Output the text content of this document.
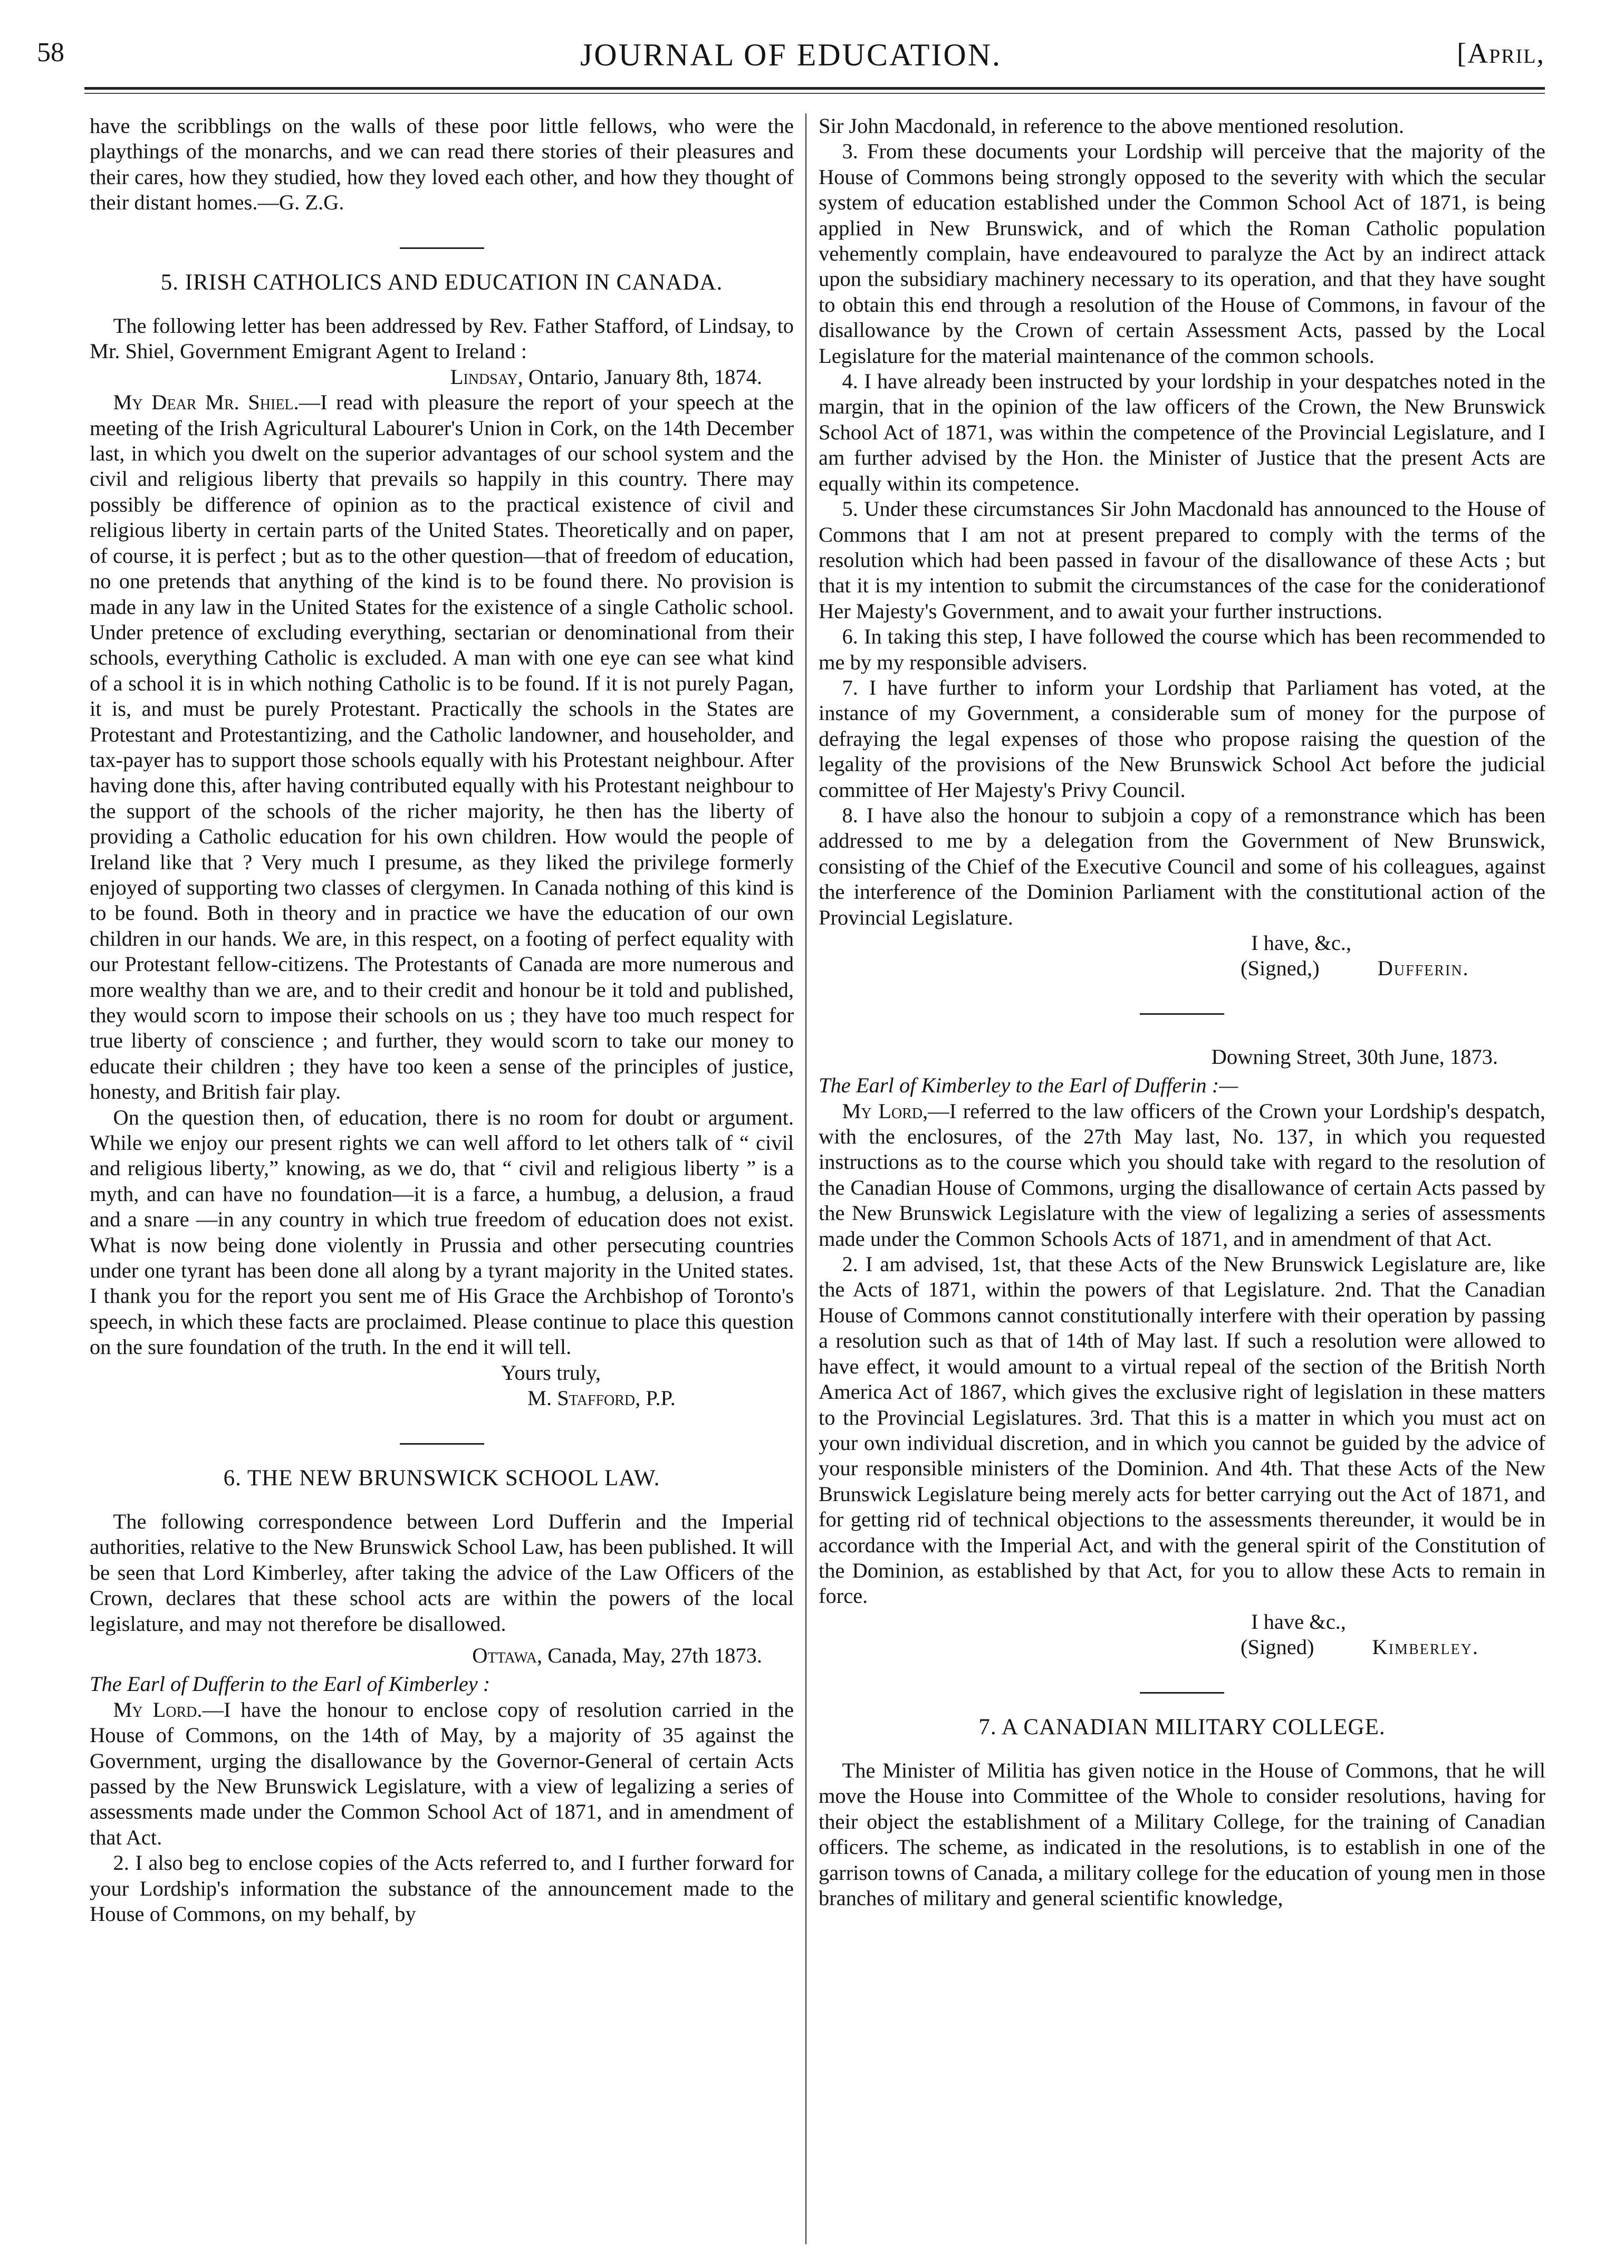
58	JOURNAL OF EDUCATION.	[April,

have the scribblings on the walls of these poor little fellows, who were the playthings of the monarchs, and we can read there stories of their pleasures and their cares, how they studied, how they loved each other, and how they thought of their distant homes.—G. Z.G.

5. IRISH CATHOLICS AND EDUCATION IN CANADA.

The following letter has been addressed by Rev. Father Stafford, of Lindsay, to Mr. Shiel, Government Emigrant Agent to Ireland :

Lindsay, Ontario, January 8th, 1874.

My Dear Mr. Shiel.—I read with pleasure the report of your speech at the meeting of the Irish Agricultural Labourer's Union in Cork, on the 14th December last, in which you dwelt on the superior advantages of our school system and the civil and religious liberty that prevails so happily in this country. There may possibly be difference of opinion as to the practical existence of civil and religious liberty in certain parts of the United States. Theoretically and on paper, of course, it is perfect ; but as to the other question—that of freedom of education, no one pretends that anything of the kind is to be found there. No provision is made in any law in the United States for the existence of a single Catholic school. Under pretence of excluding everything, sectarian or denominational from their schools, everything Catholic is excluded. A man with one eye can see what kind of a school it is in which nothing Catholic is to be found. If it is not purely Pagan, it is, and must be purely Protestant. Practically the schools in the States are Protestant and Protestantizing, and the Catholic landowner, and householder, and tax-payer has to support those schools equally with his Protestant neighbour. After having done this, after having contributed equally with his Protestant neighbour to the support of the schools of the richer majority, he then has the liberty of providing a Catholic education for his own children. How would the people of Ireland like that ? Very much I presume, as they liked the privilege formerly enjoyed of supporting two classes of clergymen. In Canada nothing of this kind is to be found. Both in theory and in practice we have the education of our own children in our hands. We are, in this respect, on a footing of perfect equality with our Protestant fellow-citizens. The Protestants of Canada are more numerous and more wealthy than we are, and to their credit and honour be it told and published, they would scorn to impose their schools on us ; they have too much respect for true liberty of conscience ; and further, they would scorn to take our money to educate their children ; they have too keen a sense of the principles of justice, honesty, and British fair play.

On the question then, of education, there is no room for doubt or argument. While we enjoy our present rights we can well afford to let others talk of “ civil and religious liberty,” knowing, as we do, that “ civil and religious liberty ” is a myth, and can have no foundation—it is a farce, a humbug, a delusion, a fraud and a snare —in any country in which true freedom of education does not exist. What is now being done violently in Prussia and other persecuting countries under one tyrant has been done all along by a tyrant majority in the United states. I thank you for the report you sent me of His Grace the Archbishop of Toronto's speech, in which these facts are proclaimed. Please continue to place this question on the sure foundation of the truth. In the end it will tell.

Yours truly,

M. Stafford, P.P.

6. THE NEW BRUNSWICK SCHOOL LAW.

The following correspondence between Lord Dufferin and the Imperial authorities, relative to the New Brunswick School Law, has been published. It will be seen that Lord Kimberley, after taking the advice of the Law Officers of the Crown, declares that these school acts are within the powers of the local legislature, and may not therefore be disallowed.

Ottawa, Canada, May, 27th 1873.

The Earl of Dufferin to the Earl of Kimberley :

My Lord.—I have the honour to enclose copy of resolution carried in the House of Commons, on the 14th of May, by a majority of 35 against the Government, urging the disallowance by the Governor-General of certain Acts passed by the New Brunswick Legislature, with a view of legalizing a series of assessments made under the Common School Act of 1871, and in amendment of that Act.

2. I also beg to enclose copies of the Acts referred to, and I further forward for your Lordship's information the substance of the announcement made to the House of Commons, on my behalf, by

Sir John Macdonald, in reference to the above mentioned resolution.

3. From these documents your Lordship will perceive that the majority of the House of Commons being strongly opposed to the severity with which the secular system of education established under the Common School Act of 1871, is being applied in New Brunswick, and of which the Roman Catholic population vehemently complain, have endeavoured to paralyze the Act by an indirect attack upon the subsidiary machinery necessary to its operation, and that they have sought to obtain this end through a resolution of the House of Commons, in favour of the disallowance by the Crown of certain Assessment Acts, passed by the Local Legislature for the material maintenance of the common schools.

4. I have already been instructed by your lordship in your despatches noted in the margin, that in the opinion of the law officers of the Crown, the New Brunswick School Act of 1871, was within the competence of the Provincial Legislature, and I am further advised by the Hon. the Minister of Justice that the present Acts are equally within its competence.

5. Under these circumstances Sir John Macdonald has announced to the House of Commons that I am not at present prepared to comply with the terms of the resolution which had been passed in favour of the disallowance of these Acts ; but that it is my intention to submit the circumstances of the case for the coniderationof Her Majesty's Government, and to await your further instructions.

6. In taking this step, I have followed the course which has been recommended to me by my responsible advisers.

7. I have further to inform your Lordship that Parliament has voted, at the instance of my Government, a considerable sum of money for the purpose of defraying the legal expenses of those who propose raising the question of the legality of the provisions of the New Brunswick School Act before the judicial committee of Her Majesty's Privy Council.

8. I have also the honour to subjoin a copy of a remonstrance which has been addressed to me by a delegation from the Government of New Brunswick, consisting of the Chief of the Executive Council and some of his colleagues, against the interference of the Dominion Parliament with the constitutional action of the Provincial Legislature.

I have, &c.,

(Signed,)	Dufferin.

Downing Street, 30th June, 1873.

The Earl of Kimberley to the Earl of Dufferin :—

My Lord,—I referred to the law officers of the Crown your Lordship's despatch, with the enclosures, of the 27th May last, No. 137, in which you requested instructions as to the course which you should take with regard to the resolution of the Canadian House of Commons, urging the disallowance of certain Acts passed by the New Brunswick Legislature with the view of legalizing a series of assessments made under the Common Schools Acts of 1871, and in amendment of that Act.

2. I am advised, 1st, that these Acts of the New Brunswick Legislature are, like the Acts of 1871, within the powers of that Legislature. 2nd. That the Canadian House of Commons cannot constitutionally interfere with their operation by passing a resolution such as that of 14th of May last. If such a resolution were allowed to have effect, it would amount to a virtual repeal of the section of the British North America Act of 1867, which gives the exclusive right of legislation in these matters to the Provincial Legislatures. 3rd. That this is a matter in which you must act on your own individual discretion, and in which you cannot be guided by the advice of your responsible ministers of the Dominion. And 4th. That these Acts of the New Brunswick Legislature being merely acts for better carrying out the Act of 1871, and for getting rid of technical objections to the assessments thereunder, it would be in accordance with the Imperial Act, and with the general spirit of the Constitution of the Dominion, as established by that Act, for you to allow these Acts to remain in force.

I have &c.,

(Signed)	Kimberley.

7. A CANADIAN MILITARY COLLEGE.

The Minister of Militia has given notice in the House of Commons, that he will move the House into Committee of the Whole to consider resolutions, having for their object the establishment of a Military College, for the training of Canadian officers. The scheme, as indicated in the resolutions, is to establish in one of the garrison towns of Canada, a military college for the education of young men in those branches of military and general scientific knowledge,
